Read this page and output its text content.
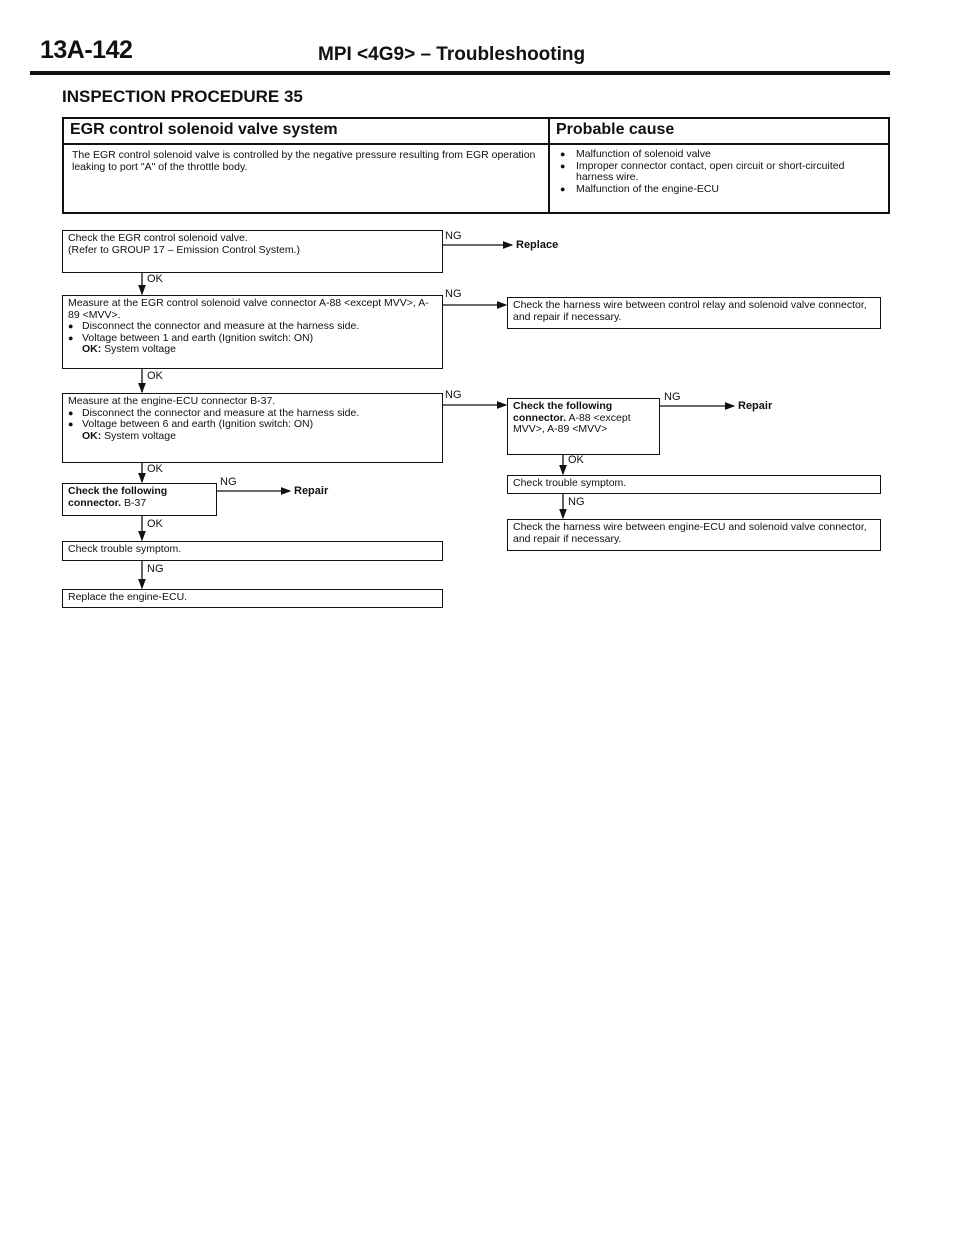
13A-142	MPI <4G9> – Troubleshooting
INSPECTION PROCEDURE 35
EGR control solenoid valve system
The EGR control solenoid valve is controlled by the negative pressure resulting from EGR operation leaking to port "A" of the throttle body.
Probable cause
● Malfunction of solenoid valve
● Improper connector contact, open circuit or short-circuited harness wire.
● Malfunction of the engine-ECU
Check the EGR control solenoid valve.
(Refer to GROUP 17 – Emission Control System.)
NG
Replace
OK
Measure at the EGR control solenoid valve connector A-88 <except MVV>, A-89 <MVV>.
● Disconnect the connector and measure at the harness side.
● Voltage between 1 and earth (Ignition switch: ON)
OK: System voltage
NG
Check the harness wire between control relay and solenoid valve connector, and repair if necessary.
OK
Measure at the engine-ECU connector B-37.
● Disconnect the connector and measure at the harness side.
● Voltage between 6 and earth (Ignition switch: ON)
OK: System voltage
NG
Check the following connector. A-88 <except MVV>, A-89 <MVV>
NG
Repair
OK
Check trouble symptom.
NG
Check the harness wire between engine-ECU and solenoid valve connector, and repair if necessary.
OK
Check the following connector. B-37
NG
Repair
OK
Check trouble symptom.
NG
Replace the engine-ECU.
